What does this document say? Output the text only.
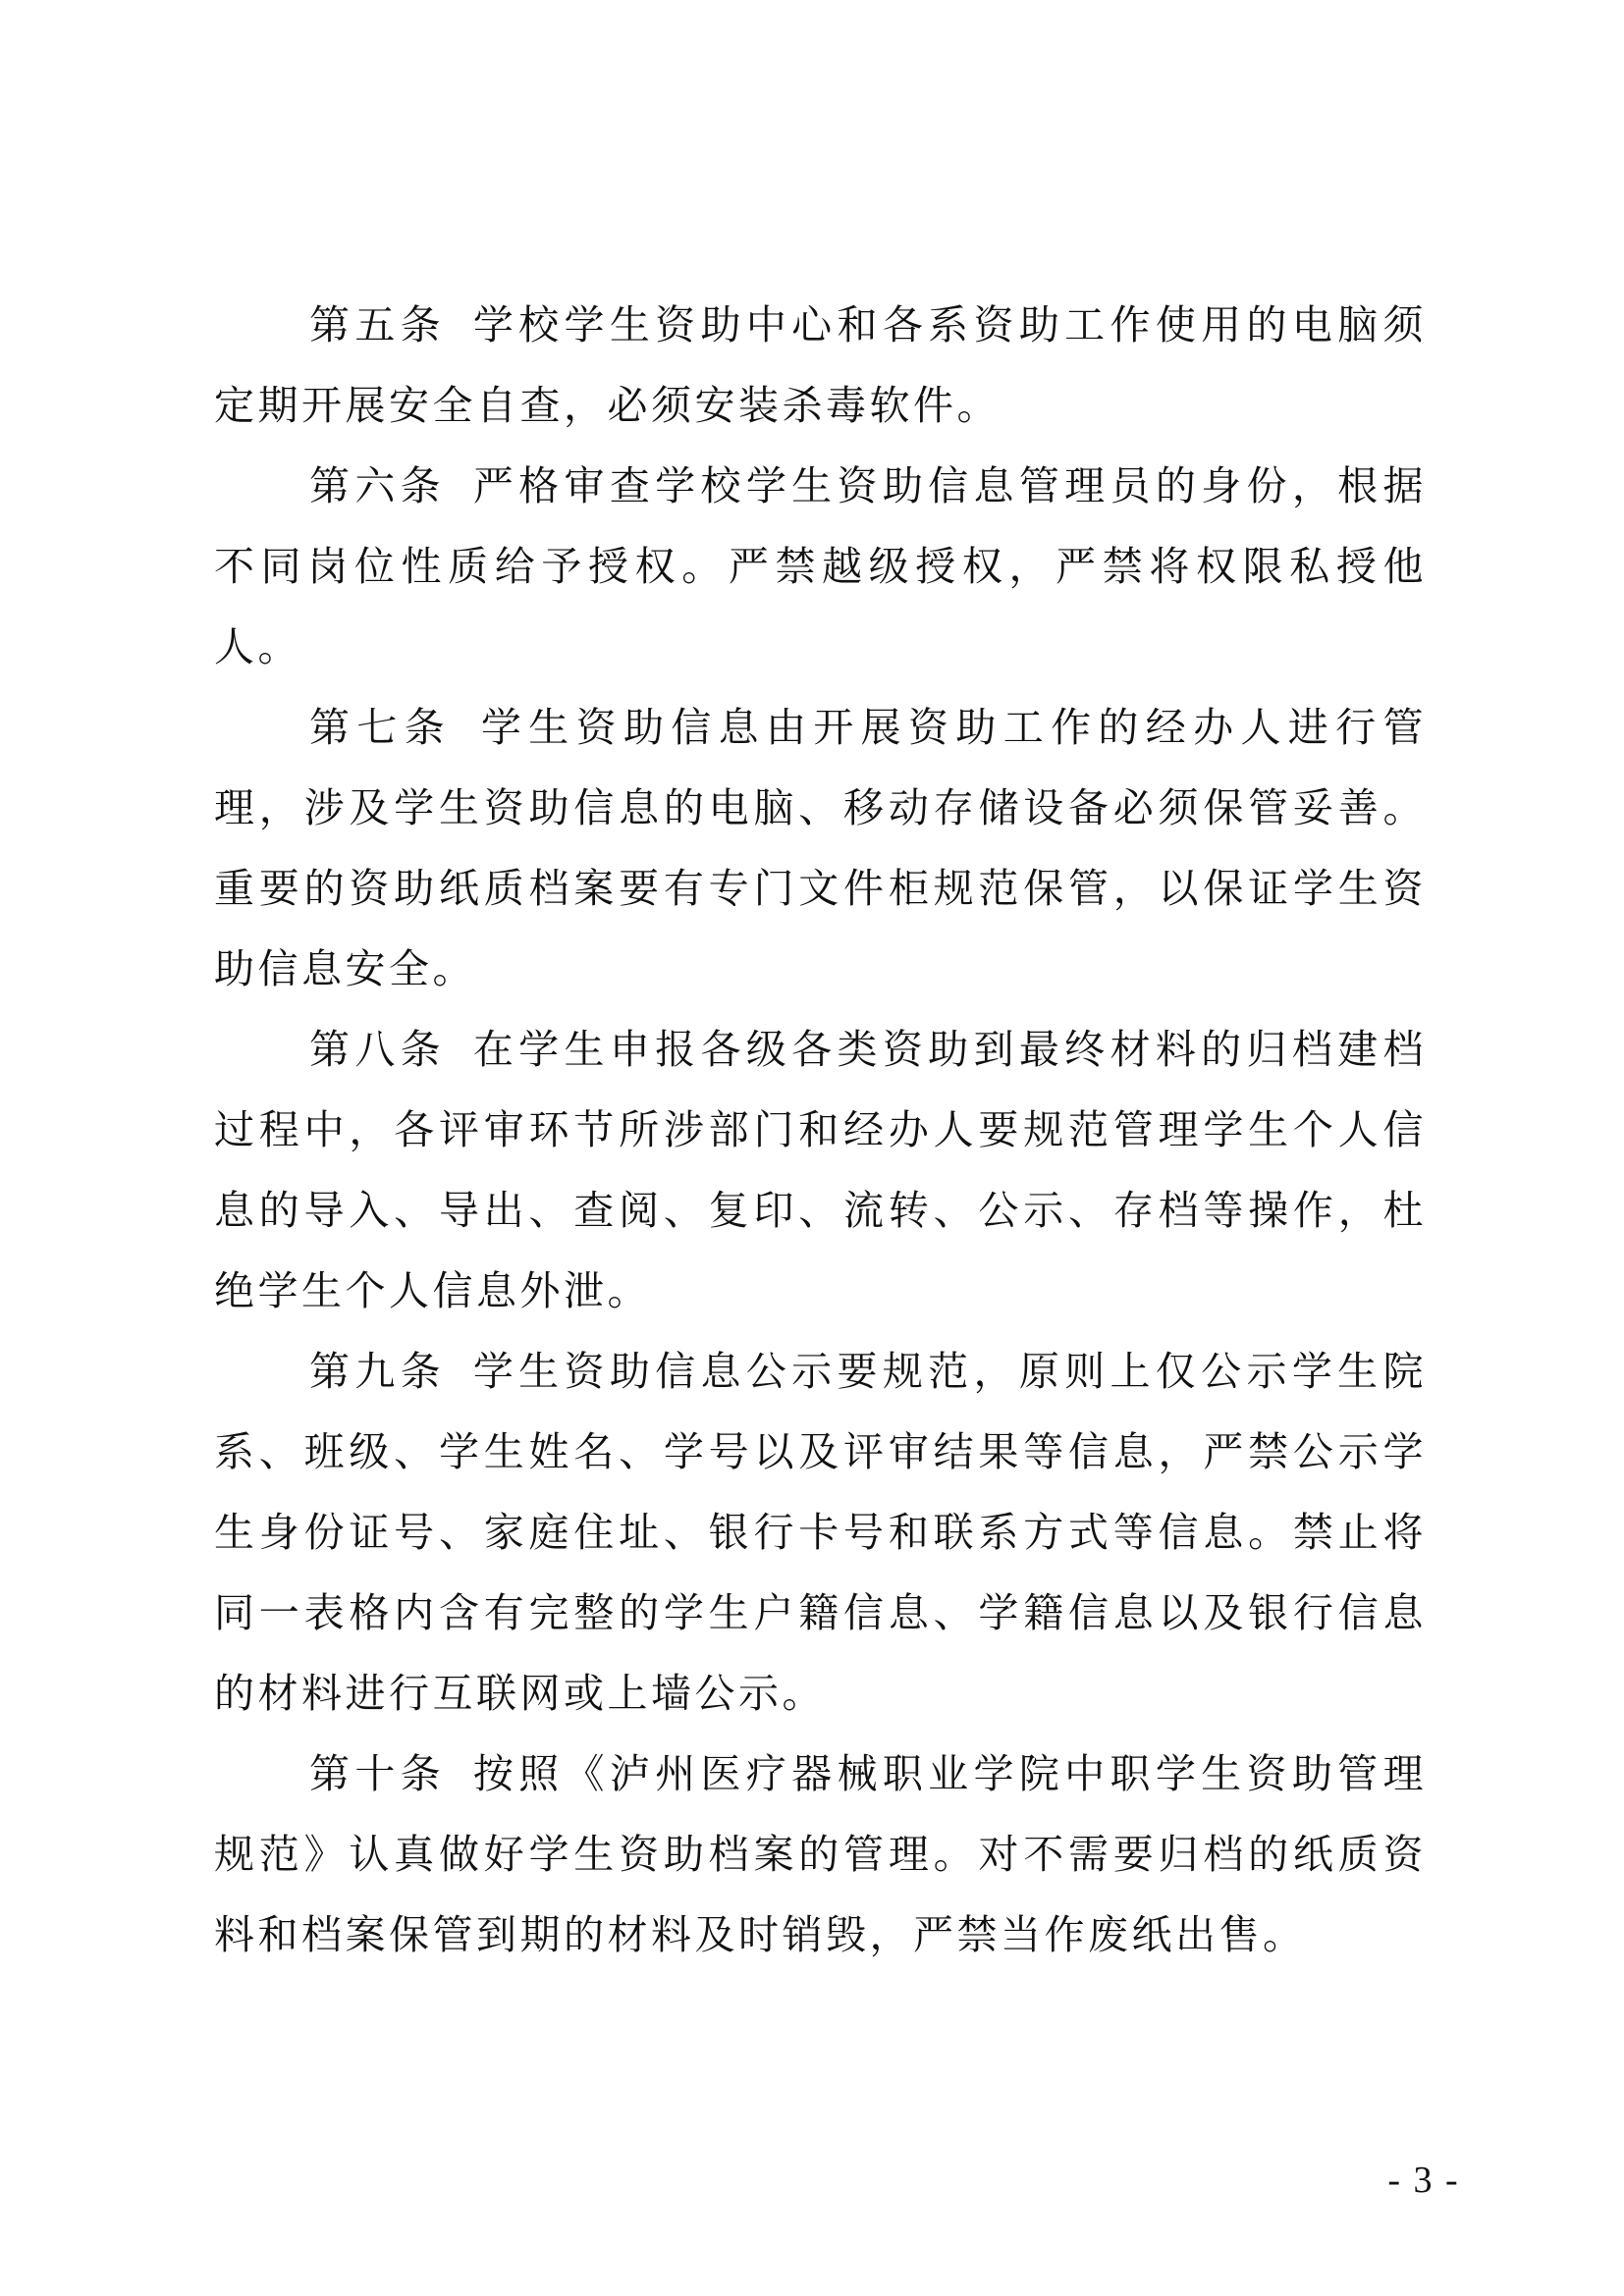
第五条 学校学生资助中心和各系资助工作使用的电脑须定期开展安全自查，必须安装杀毒软件。

第六条 严格审查学校学生资助信息管理员的身份，根据不同岗位性质给予授权。严禁越级授权，严禁将权限私授他人。

第七条 学生资助信息由开展资助工作的经办人进行管理，涉及学生资助信息的电脑、移动存储设备必须保管妥善。重要的资助纸质档案要有专门文件柜规范保管，以保证学生资助信息安全。

第八条 在学生申报各级各类资助到最终材料的归档建档过程中，各评审环节所涉部门和经办人要规范管理学生个人信息的导入、导出、查阅、复印、流转、公示、存档等操作，杜绝学生个人信息外泄。

第九条 学生资助信息公示要规范，原则上仅公示学生院系、班级、学生姓名、学号以及评审结果等信息，严禁公示学生身份证号、家庭住址、银行卡号和联系方式等信息。禁止将同一表格内含有完整的学生户籍信息、学籍信息以及银行信息的材料进行互联网或上墙公示。

第十条 按照《泸州医疗器械职业学院中职学生资助管理规范》认真做好学生资助档案的管理。对不需要归档的纸质资料和档案保管到期的材料及时销毁，严禁当作废纸出售。

- 3 -
